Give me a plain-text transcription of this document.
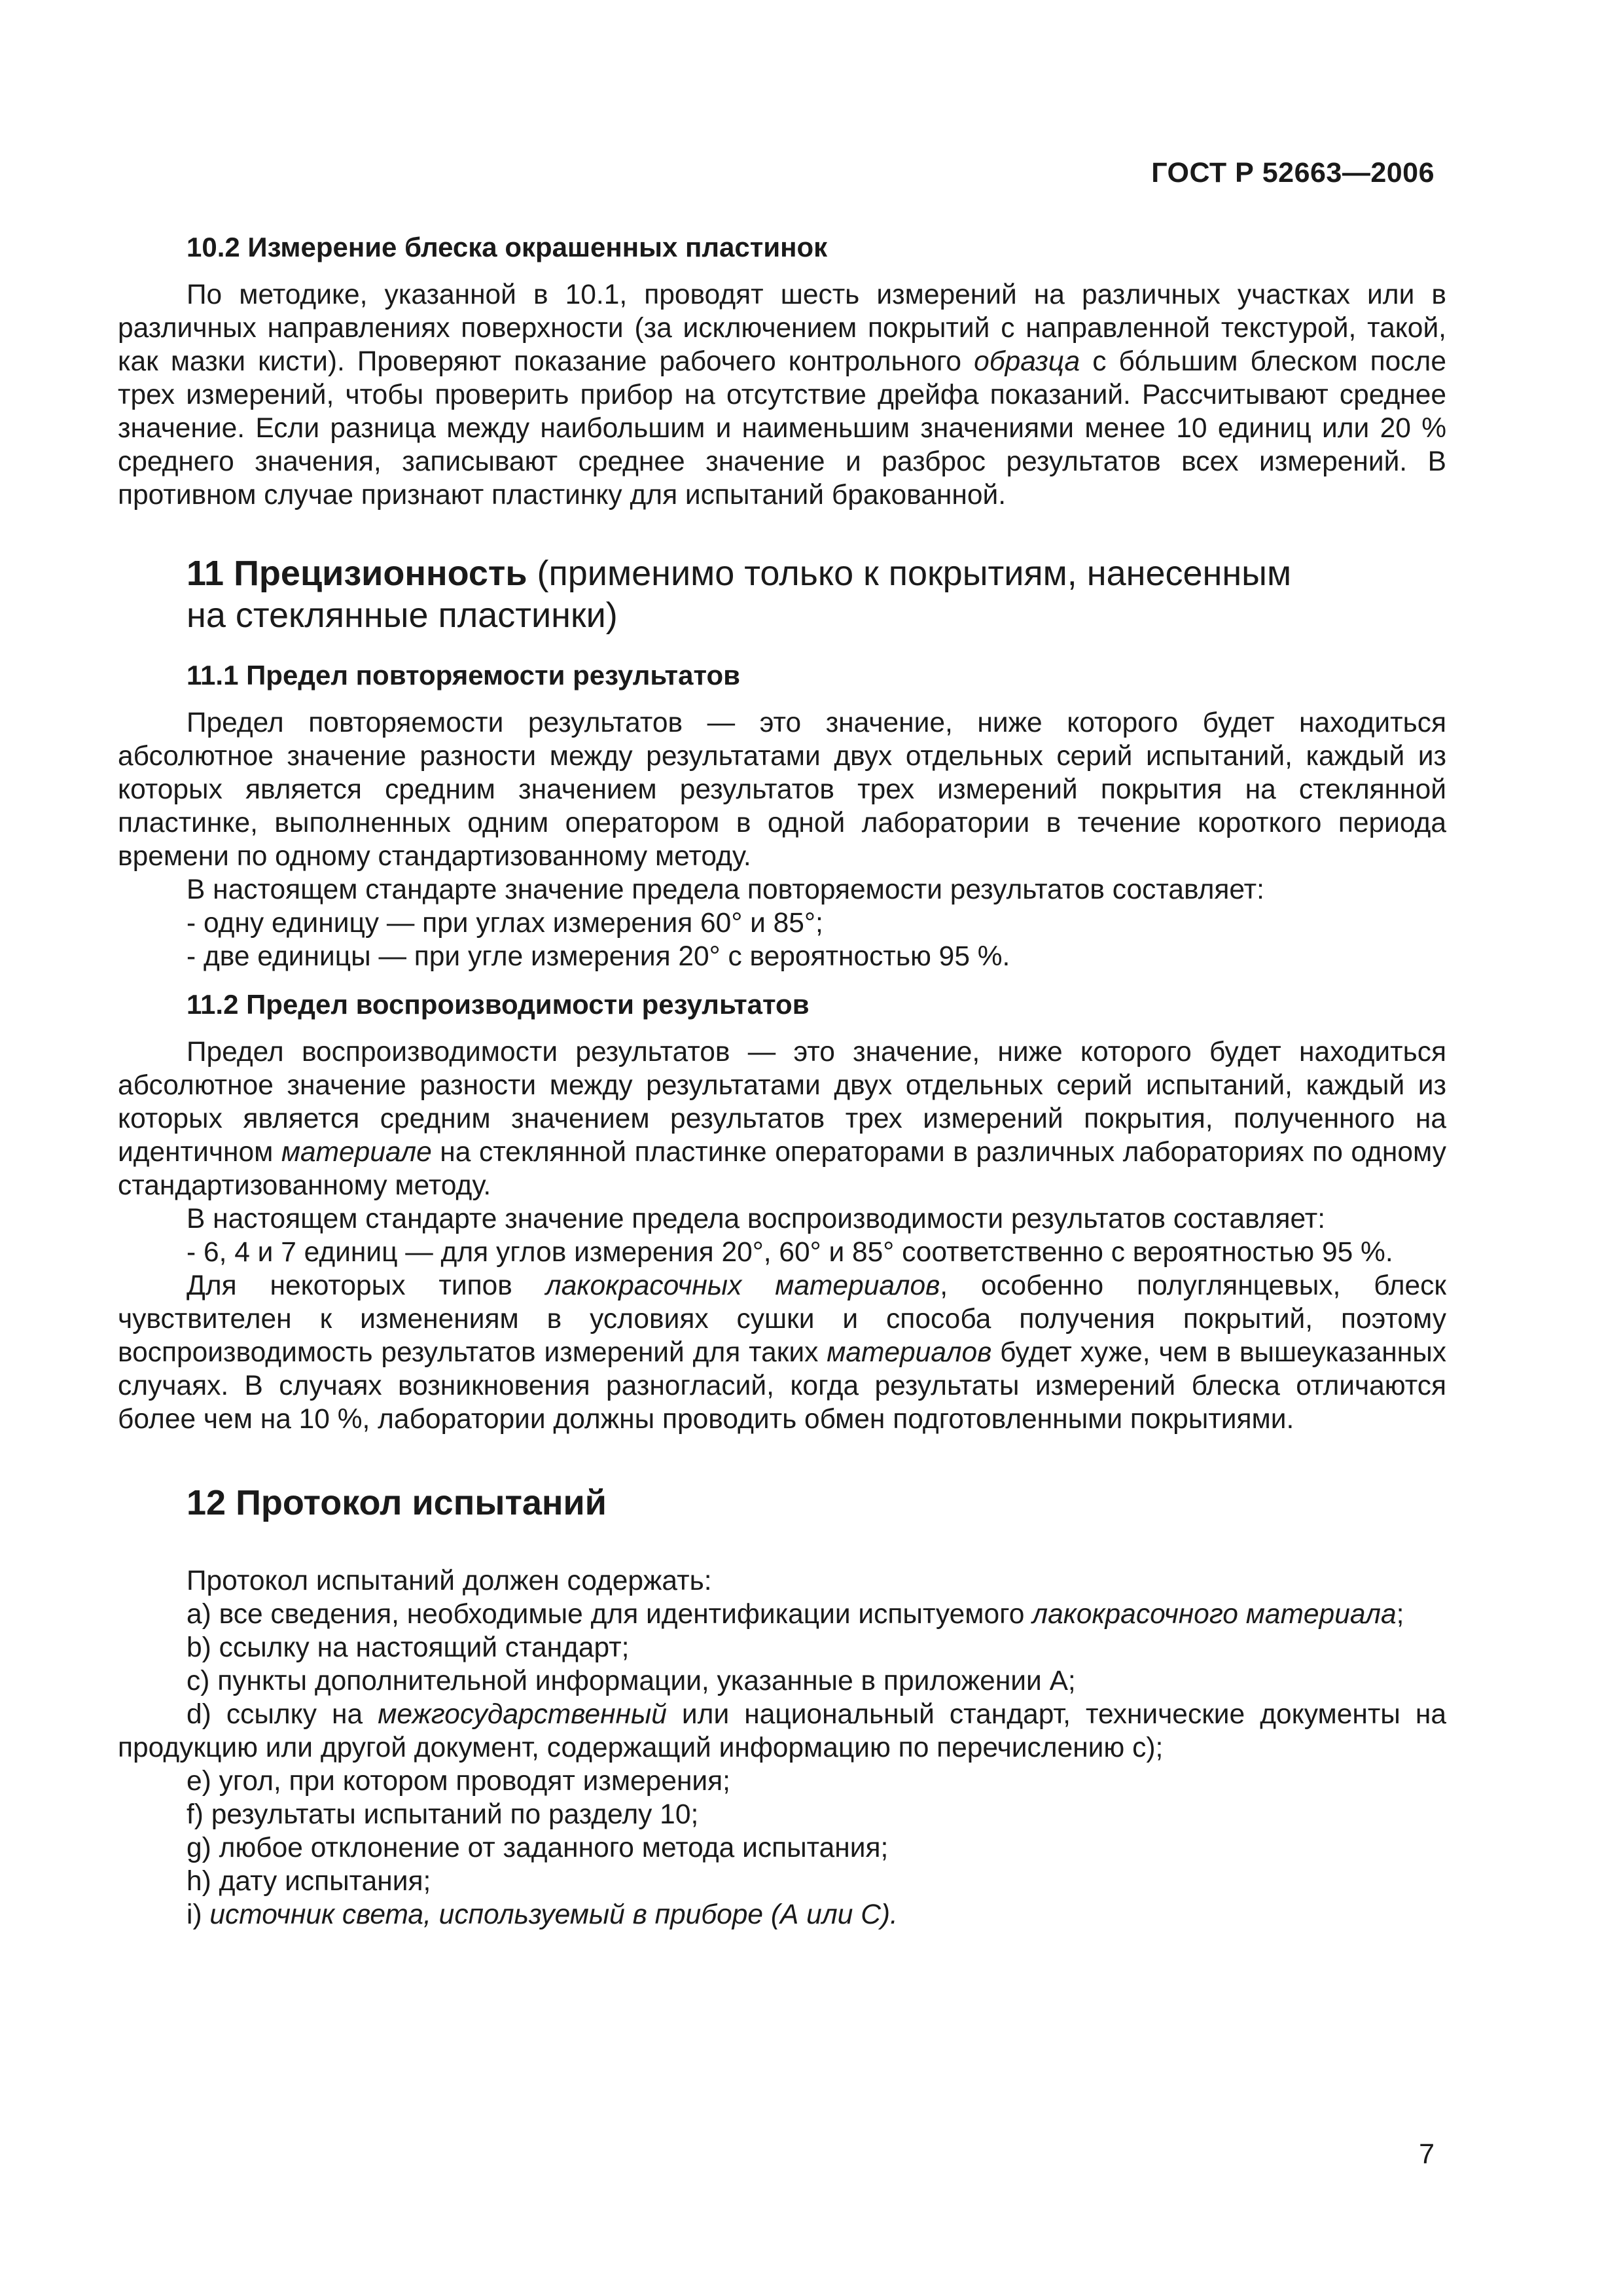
ГОСТ Р 52663—2006
10.2 Измерение блеска окрашенных пластинок

По методике, указанной в 10.1, проводят шесть измерений на различных участках или в различных направлениях поверхности (за исключением покрытий с направленной текстурой, такой, как мазки кисти). Проверяют показание рабочего контрольного образца с бóльшим блеском после трех измерений, чтобы проверить прибор на отсутствие дрейфа показаний. Рассчитывают среднее значение. Если разница между наибольшим и наименьшим значениями менее 10 единиц или 20 % среднего значения, записывают среднее значение и разброс результатов всех измерений. В противном случае признают пластинку для испытаний бракованной.

11 Прецизионность (применимо только к покрытиям, нанесенным
на стеклянные пластинки)
11.1 Предел повторяемости результатов

Предел повторяемости результатов — это значение, ниже которого будет находиться абсолютное значение разности между результатами двух отдельных серий испытаний, каждый из которых является средним значением результатов трех измерений покрытия на стеклянной пластинке, выполненных одним оператором в одной лаборатории в течение короткого периода времени по одному стандартизованному методу.

В настоящем стандарте значение предела повторяемости результатов составляет:

- одну единицу — при углах измерения 60° и 85°;

- две единицы — при угле измерения 20° с вероятностью 95 %.

11.2 Предел воспроизводимости результатов

Предел воспроизводимости результатов — это значение, ниже которого будет находиться абсолютное значение разности между результатами двух отдельных серий испытаний, каждый из которых является средним значением результатов трех измерений покрытия, полученного на идентичном материале на стеклянной пластинке операторами в различных лабораториях по одному стандартизованному методу.

В настоящем стандарте значение предела воспроизводимости результатов составляет:

- 6, 4 и 7 единиц — для углов измерения 20°, 60° и 85° соответственно с вероятностью 95 %.

Для некоторых типов лакокрасочных материалов, особенно полуглянцевых, блеск чувствителен к изменениям в условиях сушки и способа получения покрытий, поэтому воспроизводимость результатов измерений для таких материалов будет хуже, чем в вышеуказанных случаях. В случаях возникновения разногласий, когда результаты измерений блеска отличаются более чем на 10 %, лаборатории должны проводить обмен подготовленными покрытиями.

12 Протокол испытаний

Протокол испытаний должен содержать:

a) все сведения, необходимые для идентификации испытуемого лакокрасочного материала;

b) ссылку на настоящий стандарт;

c) пункты дополнительной информации, указанные в приложении А;

d) ссылку на межгосударственный или национальный стандарт, технические документы на продукцию или другой документ, содержащий информацию по перечислению с);

e) угол, при котором проводят измерения;

f) результаты испытаний по разделу 10;

g) любое отклонение от заданного метода испытания;

h) дату испытания;

i) источник света, используемый в приборе (А или С).

7
